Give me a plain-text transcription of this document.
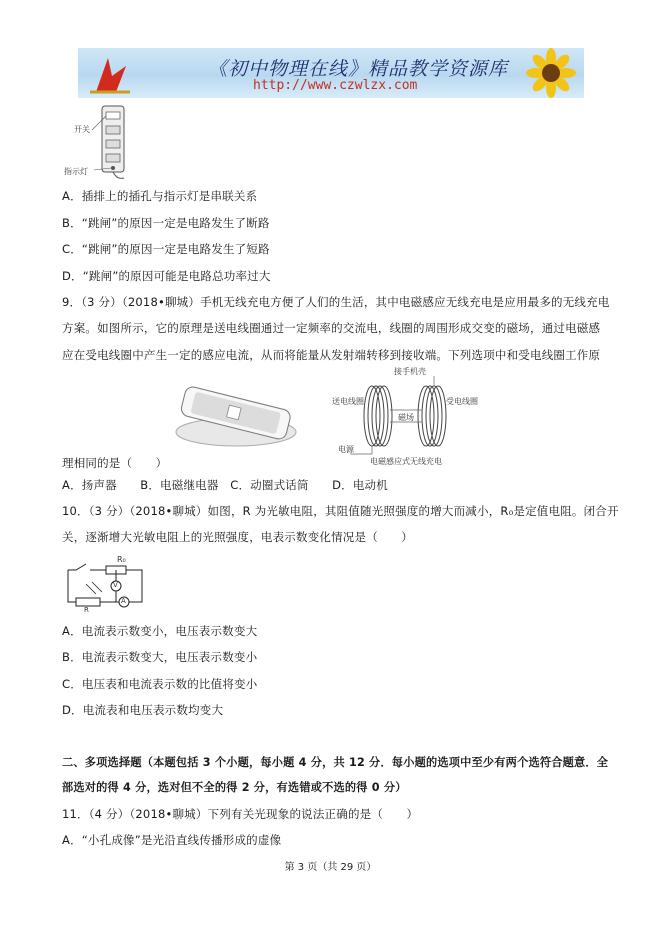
《初中物理在线》精品教学资源库
http://www.czwlzx.com
开关
指示灯
A．插排上的插孔与指示灯是串联关系
B．“跳闸”的原因一定是电路发生了断路
C．“跳闸”的原因一定是电路发生了短路
D．“跳闸”的原因可能是电路总功率过大
9．（3 分）（2018•聊城）手机无线充电方便了人们的生活，其中电磁感应无线充电是应用最多的无线充电
方案。如图所示，它的原理是送电线圈通过一定频率的交流电，线圈的周围形成交变的磁场，通过电磁感
应在受电线圈中产生一定的感应电流，从而将能量从发射端转移到接收端。下列选项中和受电线圈工作原
接手机壳
送电线圈	受电线圈
磁场
电源
电磁感应式无线充电
理相同的是（　　）
A．扬声器　　B．电磁继电器　C．动圈式话筒　　D．电动机
10．（3 分）（2018•聊城）如图，R 为光敏电阻，其阻值随光照强度的增大而减小，R₀是定值电阻。闭合开
关，逐渐增大光敏电阻上的光照强度，电表示数变化情况是（　　）
R₀
V
A
R
A．电流表示数变小，电压表示数变大
B．电流表示数变大，电压表示数变小
C．电压表和电流表示数的比值将变小
D．电流表和电压表示数均变大
二、多项选择题（本题包括 3 个小题，每小题 4 分，共 12 分．每小题的选项中至少有两个选符合题意．全
部选对的得 4 分，选对但不全的得 2 分，有选错或不选的得 0 分）
11．（4 分）（2018•聊城）下列有关光现象的说法正确的是（　　）
A．“小孔成像”是光沿直线传播形成的虚像
第 3 页（共 29 页）
